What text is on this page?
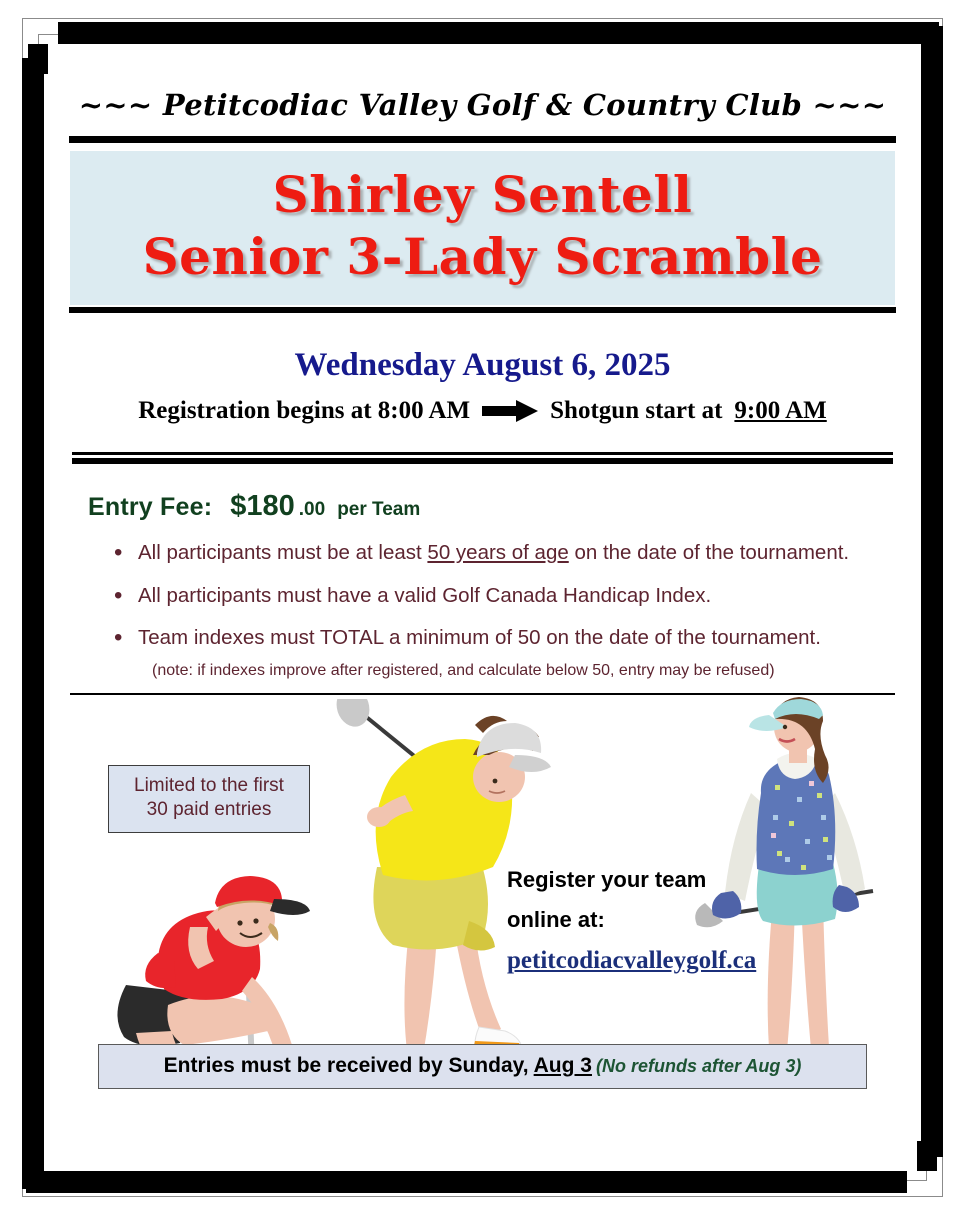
~~~ Petitcodiac Valley Golf & Country Club ~~~
Shirley Sentell
Senior 3-Lady Scramble
Wednesday August 6, 2025
Registration begins at 8:00 AM	Shotgun start at 9:00 AM
Entry Fee: $180 .00 per Team
• All participants must be at least 50 years of age on the date of the tournament.
• All participants must have a valid Golf Canada Handicap Index.
• Team indexes must TOTAL a minimum of 50 on the date of the tournament.
(note: if indexes improve after registered, and calculate below 50, entry may be refused)
Limited to the first
30 paid entries
Register your team
online at:
petitcodiacvalleygolf.ca
Entries must be received by Sunday, Aug 3 (No refunds after Aug 3)
